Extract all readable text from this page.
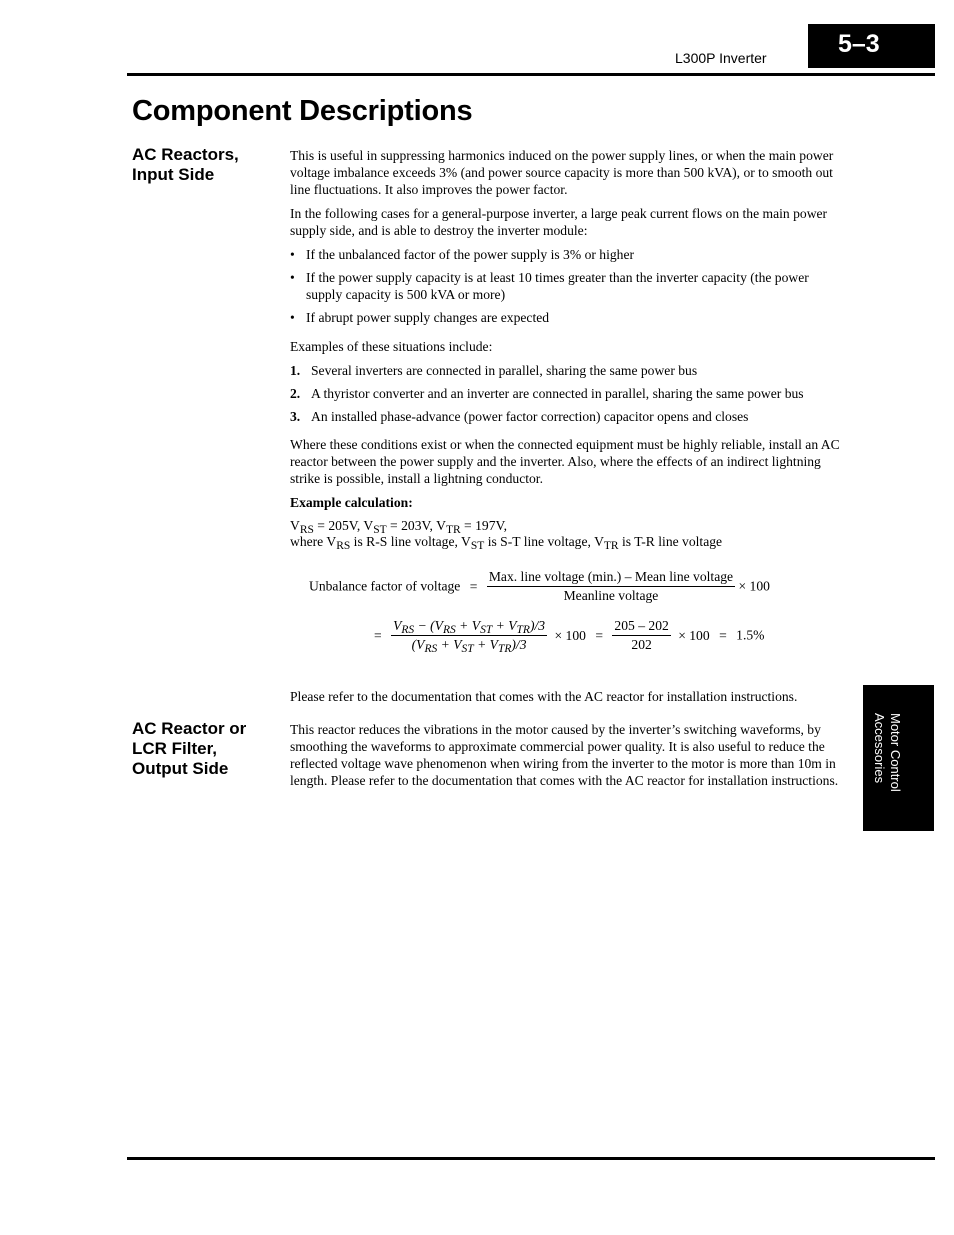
L300P Inverter	5–3
Component Descriptions
AC Reactors,
Input Side
AC Reactor or
LCR Filter,
Output Side

This is useful in suppressing harmonics induced on the power supply lines, or when the main power voltage imbalance exceeds 3% (and power source capacity is more than 500 kVA), or to smooth out line fluctuations. It also improves the power factor.

In the following cases for a general-purpose inverter, a large peak current flows on the main power supply side, and is able to destroy the inverter module:

• If the unbalanced factor of the power supply is 3% or higher
• If the power supply capacity is at least 10 times greater than the inverter capacity (the power supply capacity is 500 kVA or more)
• If abrupt power supply changes are expected

Examples of these situations include:

1. Several inverters are connected in parallel, sharing the same power bus
2. A thyristor converter and an inverter are connected in parallel, sharing the same power bus
3. An installed phase-advance (power factor correction) capacitor opens and closes

Where these conditions exist or when the connected equipment must be highly reliable, install an AC reactor between the power supply and the inverter. Also, where the effects of an indirect lightning strike is possible, install a lightning conductor.

Example calculation:

$V_{RS} = 205V$, $V_{ST} = 203V$, $V_{TR} = 197V$,
where $V_{RS}$ is R-S line voltage, $V_{ST}$ is S-T line voltage, $V_{TR}$ is T-R line voltage
Unbalance factor of voltage = $\frac{\text{Max. line voltage (min.) – Mean line voltage}}{\text{Meanline voltage}} \times 100$
= $\frac{V_{RS} - (V_{RS} + V_{ST} + V_{TR})/3}{(V_{RS} + V_{ST} + V_{TR})/3} \times 100 = \frac{205 - 202}{202} \times 100 = 1.5\%$
Please refer to the documentation that comes with the AC reactor for installation instructions.
This reactor reduces the vibrations in the motor caused by the inverter’s switching waveforms, by smoothing the waveforms to approximate commercial power quality. It is also useful to reduce the reflected voltage wave phenomenon when wiring from the inverter to the motor is more than 10m in length. Please refer to the documentation that comes with the AC reactor for installation instructions.	Motor Control
Accessories
